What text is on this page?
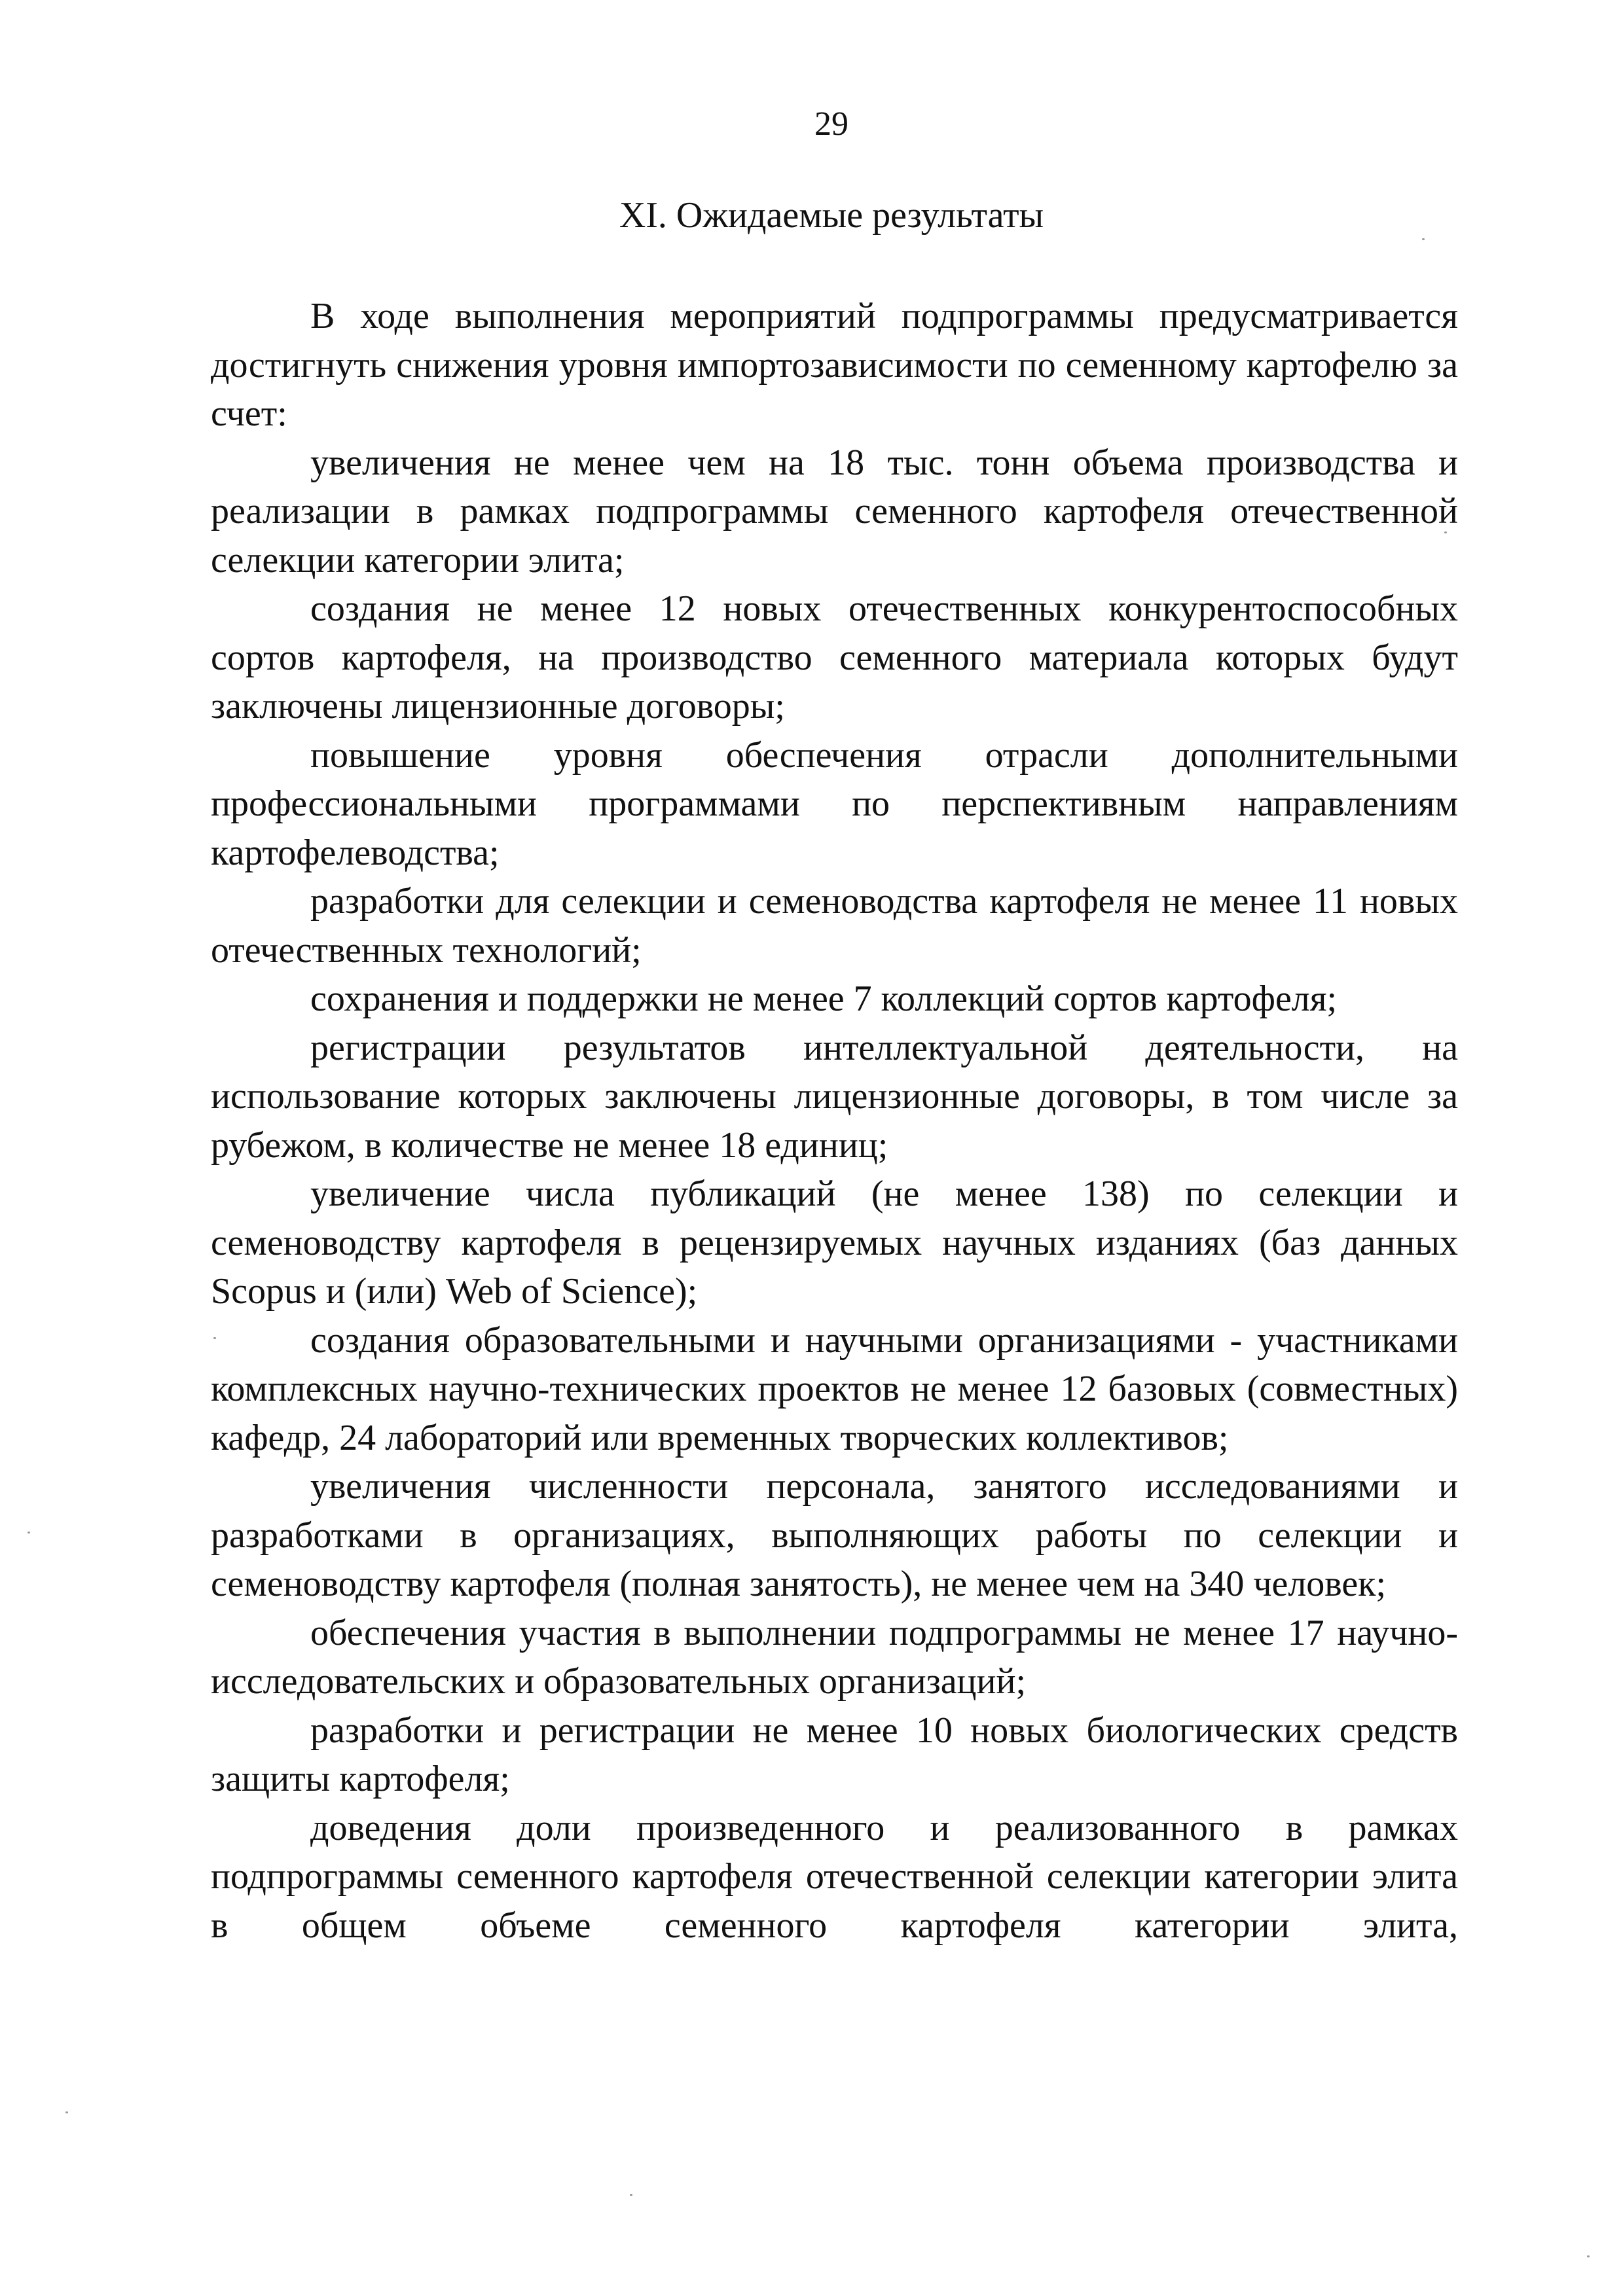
29
XI. Ожидаемые результаты

В ходе выполнения мероприятий подпрограммы предусматривается достигнуть снижения уровня импортозависимости по семенному картофелю за счет:

увеличения не менее чем на 18 тыс. тонн объема производства и реализации в рамках подпрограммы семенного картофеля отечественной селекции категории элита;

создания не менее 12 новых отечественных конкурентоспособных сортов картофеля, на производство семенного материала которых будут заключены лицензионные договоры;

повышение уровня обеспечения отрасли дополнительными профессиональными программами по перспективным направлениям картофелеводства;

разработки для селекции и семеноводства картофеля не менее 11 новых отечественных технологий;

сохранения и поддержки не менее 7 коллекций сортов картофеля;

регистрации результатов интеллектуальной деятельности, на использование которых заключены лицензионные договоры, в том числе за рубежом, в количестве не менее 18 единиц;

увеличение числа публикаций (не менее 138) по селекции и семеноводству картофеля в рецензируемых научных изданиях (баз данных Scopus и (или) Web of Science);

создания образовательными и научными организациями - участниками комплексных научно-технических проектов не менее 12 базовых (совместных) кафедр, 24 лабораторий или временных творческих коллективов;

увеличения численности персонала, занятого исследованиями и разработками в организациях, выполняющих работы по селекции и семеноводству картофеля (полная занятость), не менее чем на 340 человек;

обеспечения участия в выполнении подпрограммы не менее 17 научно-исследовательских и образовательных организаций;

разработки и регистрации не менее 10 новых биологических средств защиты картофеля;

доведения доли произведенного и реализованного в рамках подпрограммы семенного картофеля отечественной селекции категории элита в общем объеме семенного картофеля категории элита,
